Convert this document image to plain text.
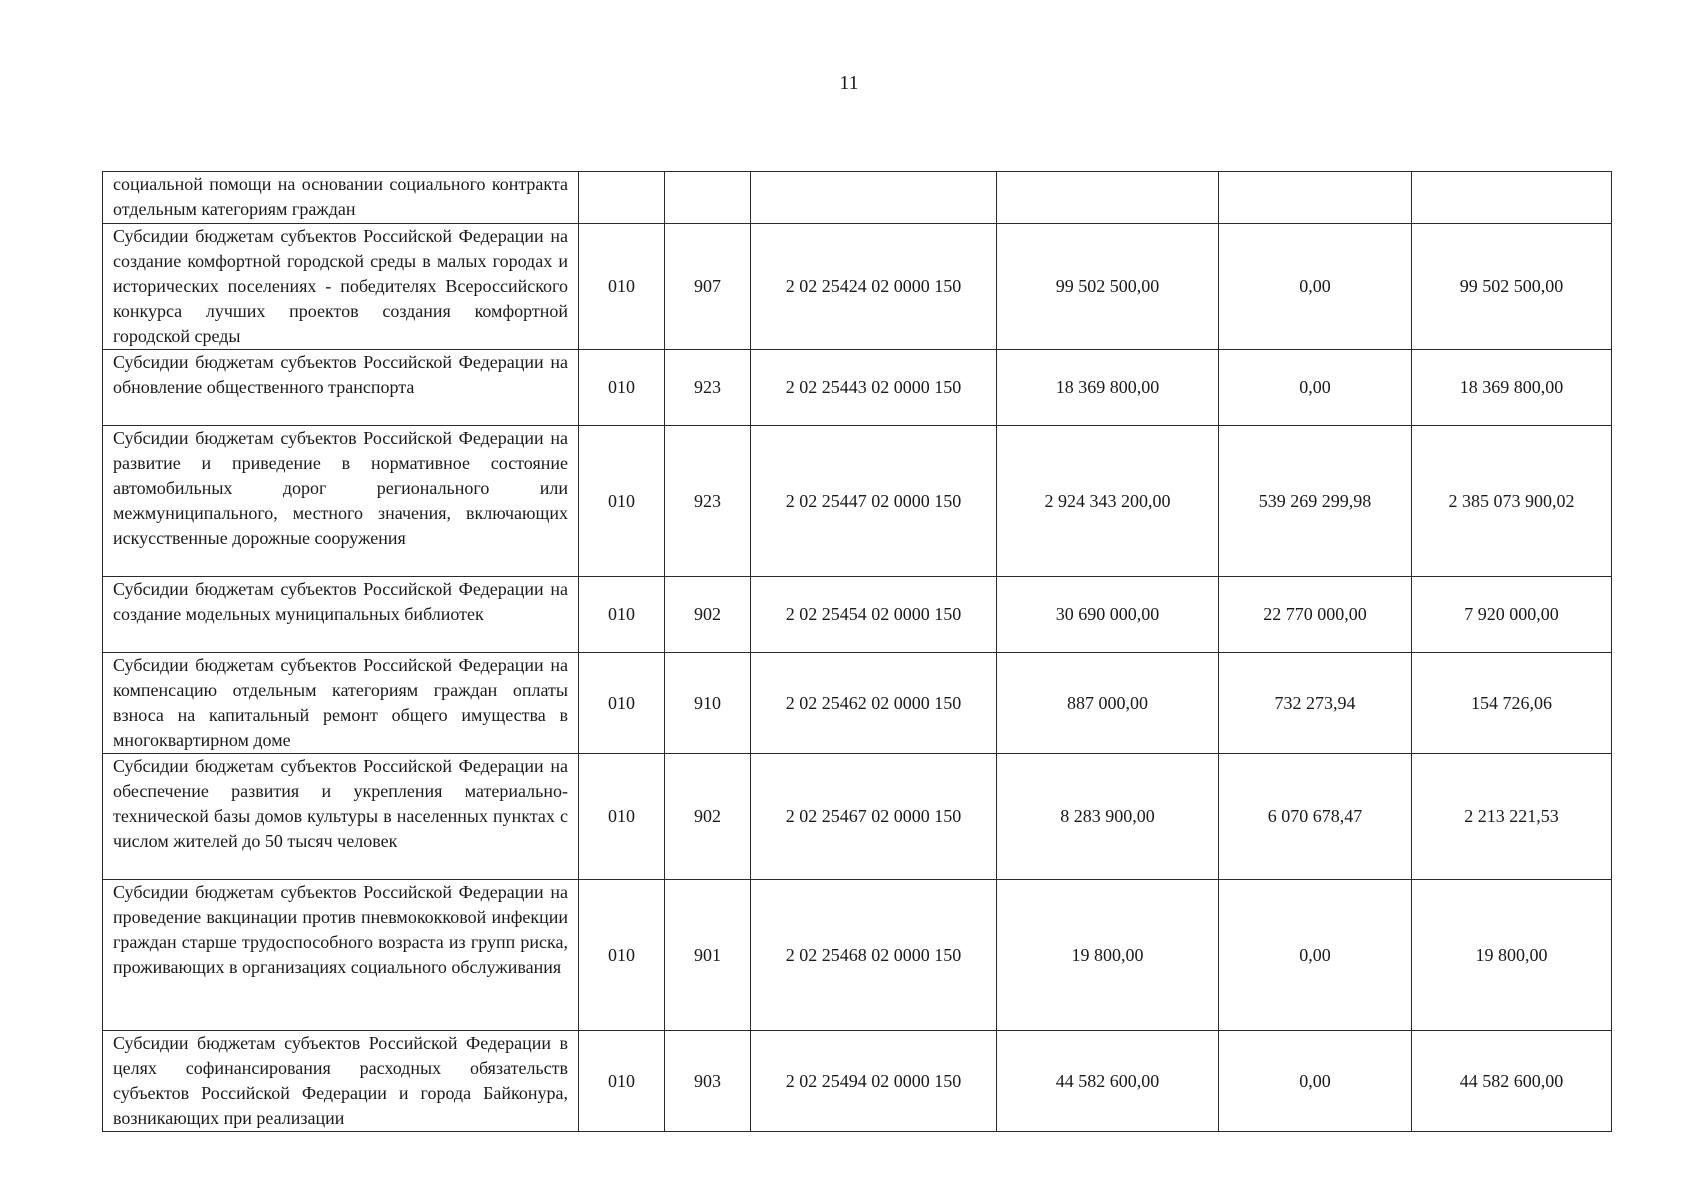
11
социальной помощи на основании социального контракта отдельным категориям граждан						
Субсидии бюджетам субъектов Российской Федерации на создание комфортной городской среды в малых городах и исторических поселениях - победителях Всероссийского конкурса лучших проектов создания комфортной городской среды	010	907	2 02 25424 02 0000 150	99 502 500,00	0,00	99 502 500,00
Субсидии бюджетам субъектов Российской Федерации на обновление общественного транспорта	010	923	2 02 25443 02 0000 150	18 369 800,00	0,00	18 369 800,00
Субсидии бюджетам субъектов Российской Федерации на развитие и приведение в нормативное состояние автомобильных дорог регионального или межмуниципального, местного значения, включающих искусственные дорожные сооружения	010	923	2 02 25447 02 0000 150	2 924 343 200,00	539 269 299,98	2 385 073 900,02
Субсидии бюджетам субъектов Российской Федерации на создание модельных муниципальных библиотек	010	902	2 02 25454 02 0000 150	30 690 000,00	22 770 000,00	7 920 000,00
Субсидии бюджетам субъектов Российской Федерации на компенсацию отдельным категориям граждан оплаты взноса на капитальный ремонт общего имущества в многоквартирном доме	010	910	2 02 25462 02 0000 150	887 000,00	732 273,94	154 726,06
Субсидии бюджетам субъектов Российской Федерации на обеспечение развития и укрепления материально-технической базы домов культуры в населенных пунктах с числом жителей до 50 тысяч человек	010	902	2 02 25467 02 0000 150	8 283 900,00	6 070 678,47	2 213 221,53
Субсидии бюджетам субъектов Российской Федерации на проведение вакцинации против пневмококковой инфекции граждан старше трудоспособного возраста из групп риска, проживающих в организациях социального обслуживания	010	901	2 02 25468 02 0000 150	19 800,00	0,00	19 800,00
Субсидии бюджетам субъектов Российской Федерации в целях софинансирования расходных обязательств субъектов Российской Федерации и города Байконура, возникающих при реализации	010	903	2 02 25494 02 0000 150	44 582 600,00	0,00	44 582 600,00
